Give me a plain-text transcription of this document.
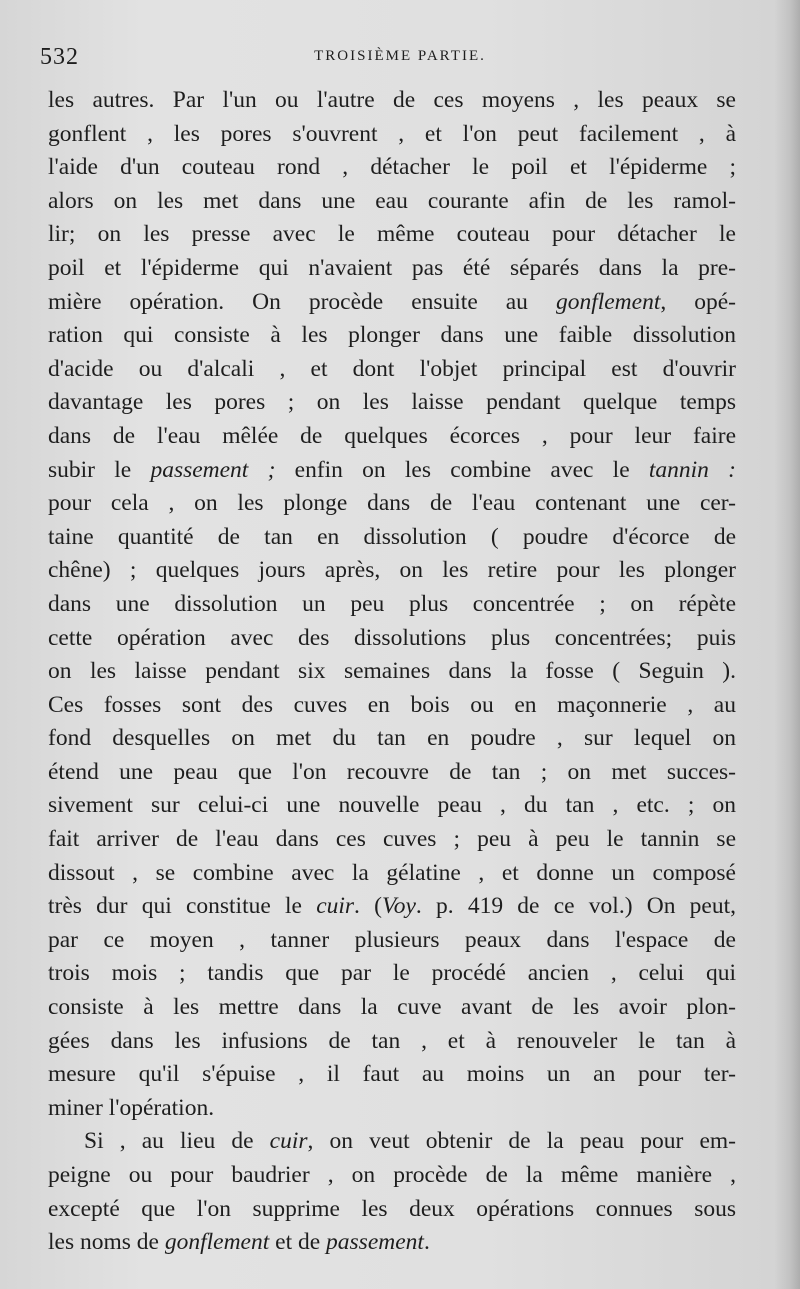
532	TROISIÈME PARTIE.
les autres. Par l'un ou l'autre de ces moyens , les peaux se
gonflent , les pores s'ouvrent , et l'on peut facilement , à
l'aide d'un couteau rond , détacher le poil et l'épiderme ;
alors on les met dans une eau courante afin de les ramol-
lir; on les presse avec le même couteau pour détacher le
poil et l'épiderme qui n'avaient pas été séparés dans la pre-
mière opération. On procède ensuite au gonflement, opé-
ration qui consiste à les plonger dans une faible dissolution
d'acide ou d'alcali , et dont l'objet principal est d'ouvrir
davantage les pores ; on les laisse pendant quelque temps
dans de l'eau mêlée de quelques écorces , pour leur faire
subir le passement ; enfin on les combine avec le tannin :
pour cela , on les plonge dans de l'eau contenant une cer-
taine quantité de tan en dissolution ( poudre d'écorce de
chêne) ; quelques jours après, on les retire pour les plonger
dans une dissolution un peu plus concentrée ; on répète
cette opération avec des dissolutions plus concentrées; puis
on les laisse pendant six semaines dans la fosse ( Seguin ).
Ces fosses sont des cuves en bois ou en maçonnerie , au
fond desquelles on met du tan en poudre , sur lequel on
étend une peau que l'on recouvre de tan ; on met succes-
sivement sur celui-ci une nouvelle peau , du tan , etc. ; on
fait arriver de l'eau dans ces cuves ; peu à peu le tannin se
dissout , se combine avec la gélatine , et donne un composé
très dur qui constitue le cuir. (Voy. p. 419 de ce vol.) On peut,
par ce moyen , tanner plusieurs peaux dans l'espace de
trois mois ; tandis que par le procédé ancien , celui qui
consiste à les mettre dans la cuve avant de les avoir plon-
gées dans les infusions de tan , et à renouveler le tan à
mesure qu'il s'épuise , il faut au moins un an pour ter-
miner l'opération.
Si , au lieu de cuir, on veut obtenir de la peau pour em-
peigne ou pour baudrier , on procède de la même manière ,
excepté que l'on supprime les deux opérations connues sous
les noms de gonflement et de passement.
